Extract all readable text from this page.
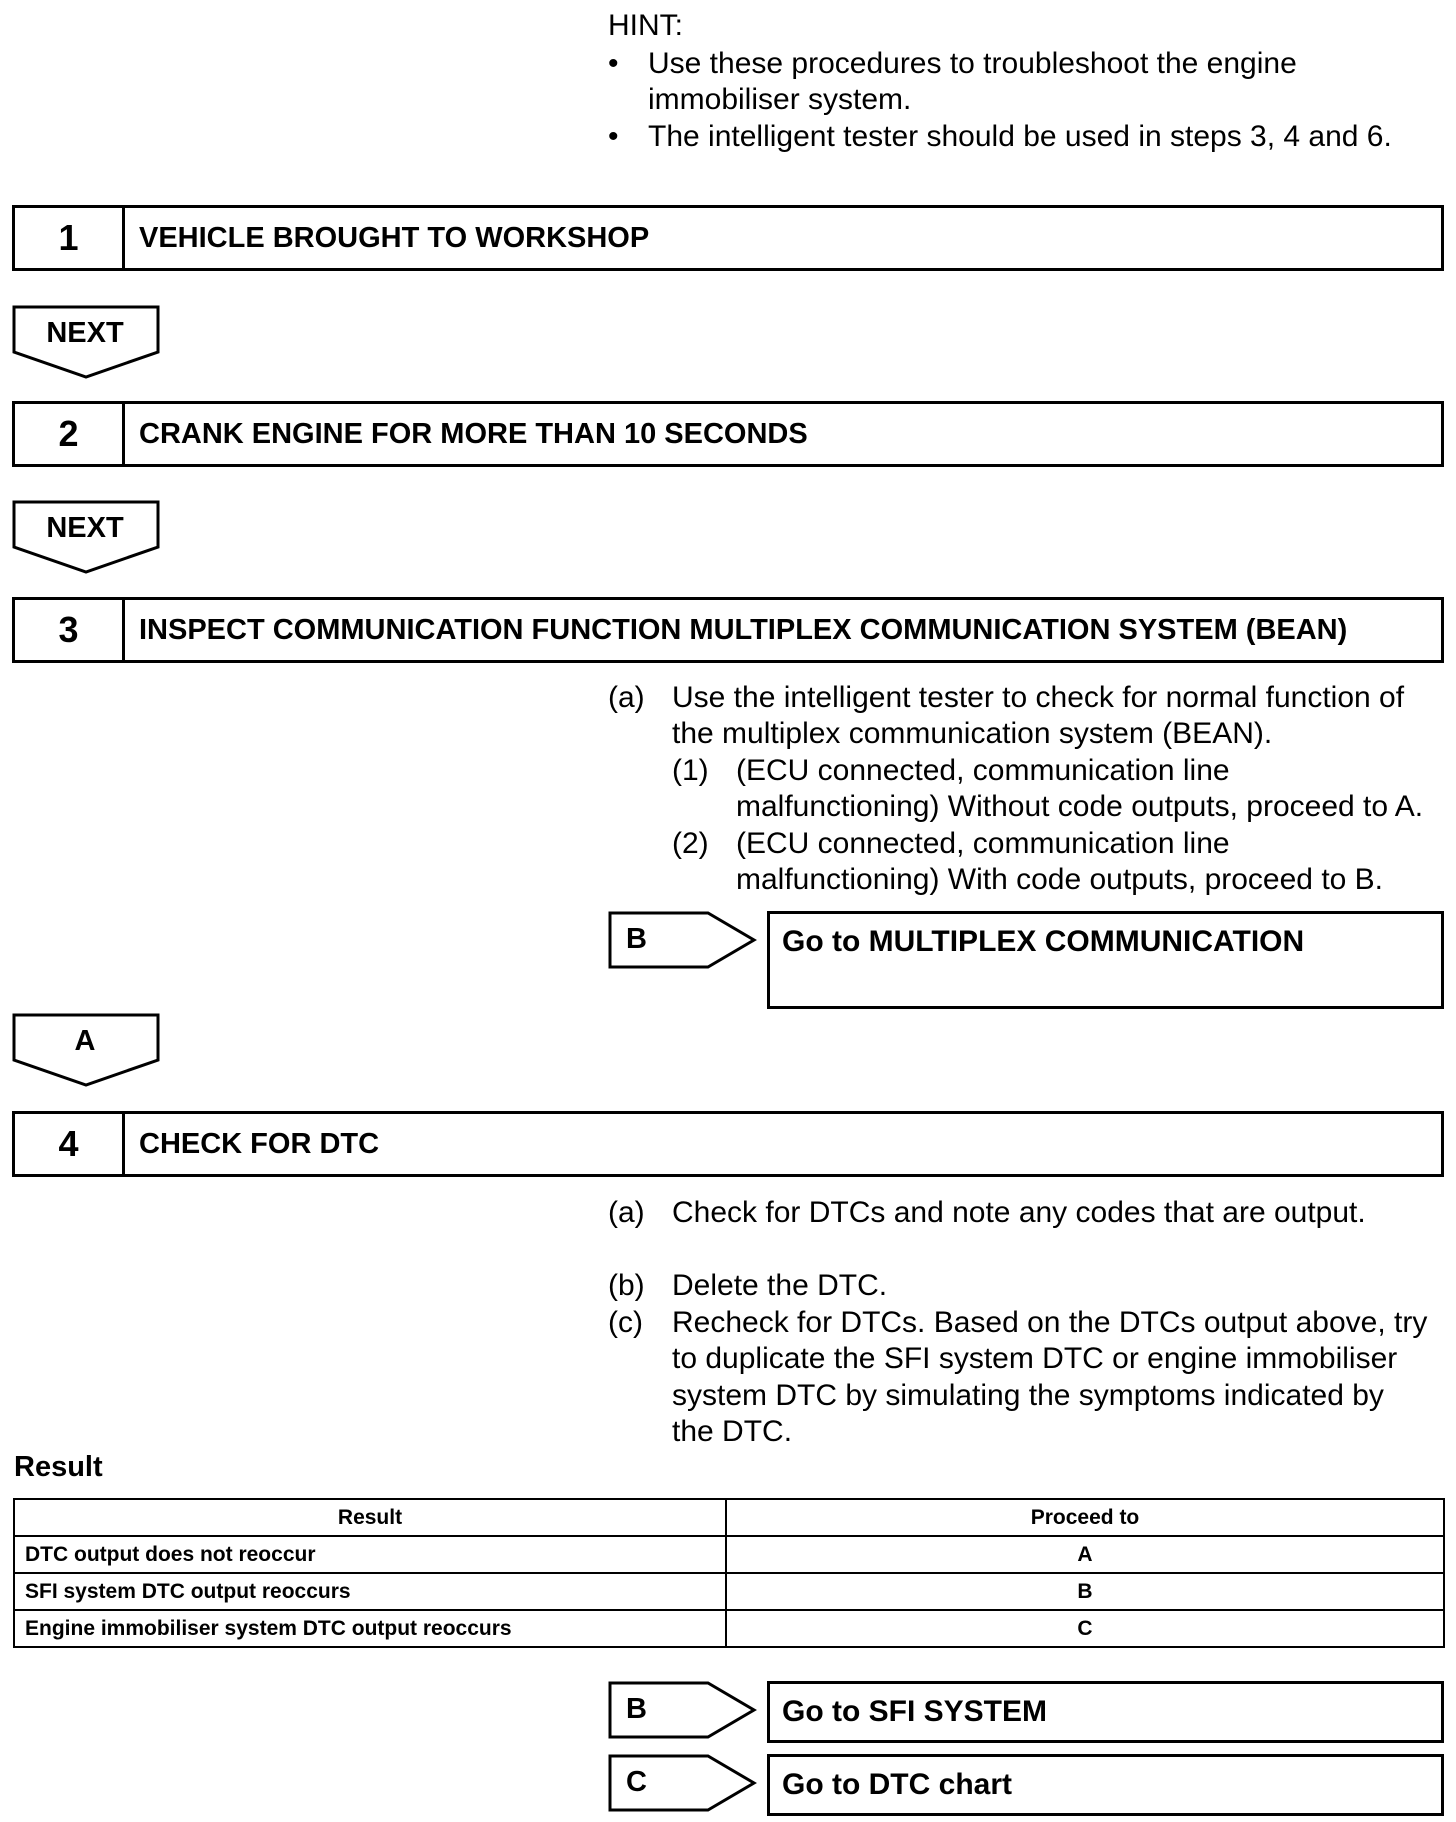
HINT:
• Use these procedures to troubleshoot the engine
immobiliser system.
• The intelligent tester should be used in steps 3, 4 and 6.
1	VEHICLE BROUGHT TO WORKSHOP
NEXT
2	CRANK ENGINE FOR MORE THAN 10 SECONDS
NEXT
3	INSPECT COMMUNICATION FUNCTION MULTIPLEX COMMUNICATION SYSTEM (BEAN)
(a) Use the intelligent tester to check for normal function of
the multiplex communication system (BEAN).
(1) (ECU connected, communication line
malfunctioning) Without code outputs, proceed to A.
(2) (ECU connected, communication line
malfunctioning) With code outputs, proceed to B.
B	Go to MULTIPLEX COMMUNICATION
A
4	CHECK FOR DTC
(a) Check for DTCs and note any codes that are output.
(b) Delete the DTC.
(c) Recheck for DTCs. Based on the DTCs output above, try
to duplicate the SFI system DTC or engine immobiliser
system DTC by simulating the symptoms indicated by
the DTC.
Result
Result	Proceed to
DTC output does not reoccur	A
SFI system DTC output reoccurs	B
Engine immobiliser system DTC output reoccurs	C
B	Go to SFI SYSTEM
C	Go to DTC chart
